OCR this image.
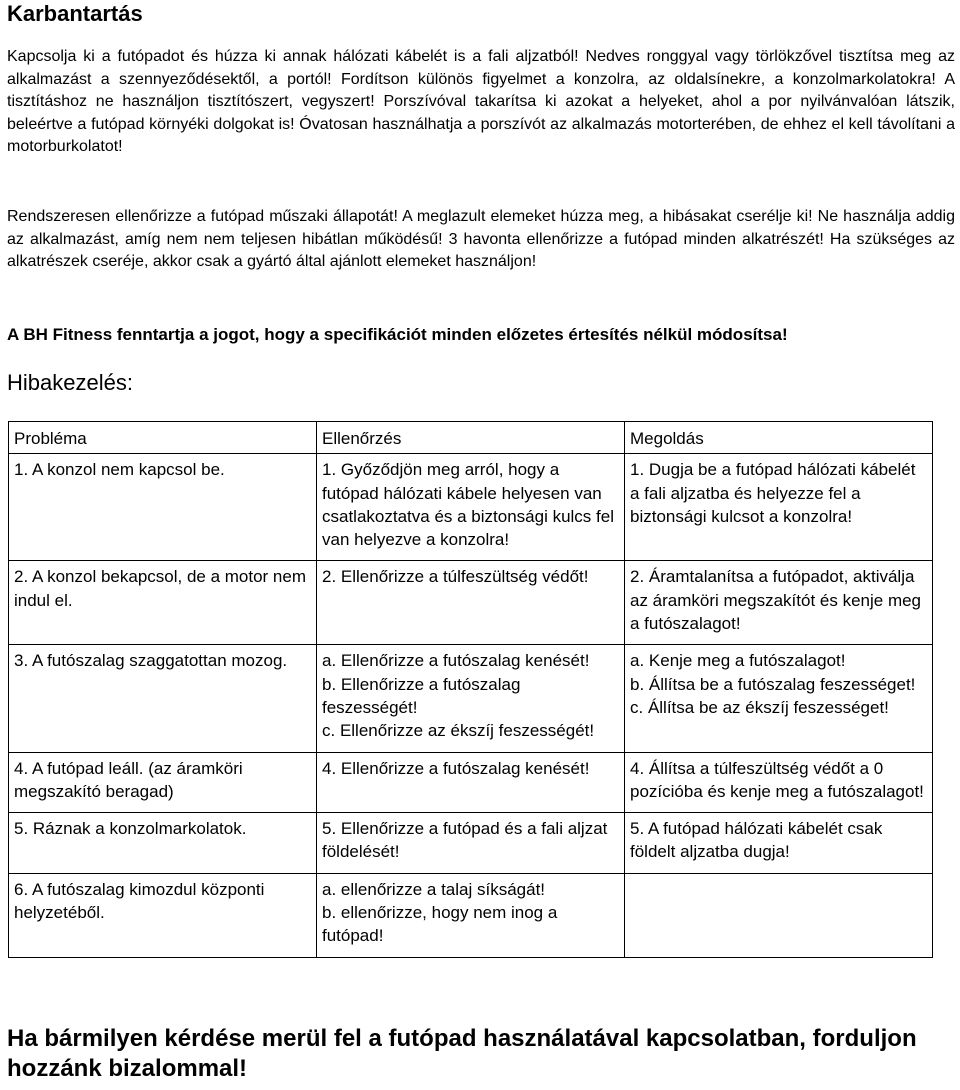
Karbantartás

Kapcsolja ki a futópadot és húzza ki annak hálózati kábelét is a fali aljzatból! Nedves ronggyal vagy törlökzővel tisztítsa meg az alkalmazást a szennyeződésektől, a portól! Fordítson különös figyelmet a konzolra, az oldalsínekre, a konzolmarkolatokra! A tisztításhoz ne használjon tisztítószert, vegyszert! Porszívóval takarítsa ki azokat a helyeket, ahol a por nyilvánvalóan látszik, beleértve a futópad környéki dolgokat is! Óvatosan használhatja a porszívót az alkalmazás motorterében, de ehhez el kell távolítani a motorburkolatot!

Rendszeresen ellenőrizze a futópad műszaki állapotát! A meglazult elemeket húzza meg, a hibásakat cserélje ki! Ne használja addig az alkalmazást, amíg nem nem teljesen hibátlan működésű! 3 havonta ellenőrizze a futópad minden alkatrészét! Ha szükséges az alkatrészek cseréje, akkor csak a gyártó által ajánlott elemeket használjon!

A BH Fitness fenntartja a jogot, hogy a specifikációt minden előzetes értesítés nélkül módosítsa!

Hibakezelés:
Probléma	Ellenőrzés	Megoldás

1. A konzol nem kapcsol be.	1. Győződjön meg arról, hogy a futópad hálózati kábele helyesen van csatlakoztatva és a biztonsági kulcs fel van helyezve a konzolra!	1. Dugja be a futópad hálózati kábelét a fali aljzatba és helyezze fel a biztonsági kulcsot a konzolra!

2. A konzol bekapcsol, de a motor nem indul el.	2. Ellenőrizze a túlfeszültség védőt!	2. Áramtalanítsa a futópadot, aktiválja az áramköri megszakítót és kenje meg a futószalagot!

3. A futószalag szaggatottan mozog.	a. Ellenőrizze a futószalag kenését!
b. Ellenőrizze a futószalag feszességét!
c. Ellenőrizze az ékszíj feszességét!	a. Kenje meg a futószalagot!
b. Állítsa be a futószalag feszességet!
c. Állítsa be az ékszíj feszességet!

4. A futópad leáll. (az áramköri megszakító beragad)	4. Ellenőrizze a futószalag kenését!	4. Állítsa a túlfeszültség védőt a 0 pozícióba és kenje meg a futószalagot!

5. Ráznak a konzolmarkolatok.	5. Ellenőrizze a futópad és a fali aljzat földelését!	5. A futópad hálózati kábelét csak földelt aljzatba dugja!

6. A futószalag kimozdul központi helyzetéből.	a. ellenőrizze a talaj síkságát!
b. ellenőrizze, hogy nem inog a futópad!	

Ha bármilyen kérdése merül fel a futópad használatával kapcsolatban, forduljon hozzánk bizalommal!
